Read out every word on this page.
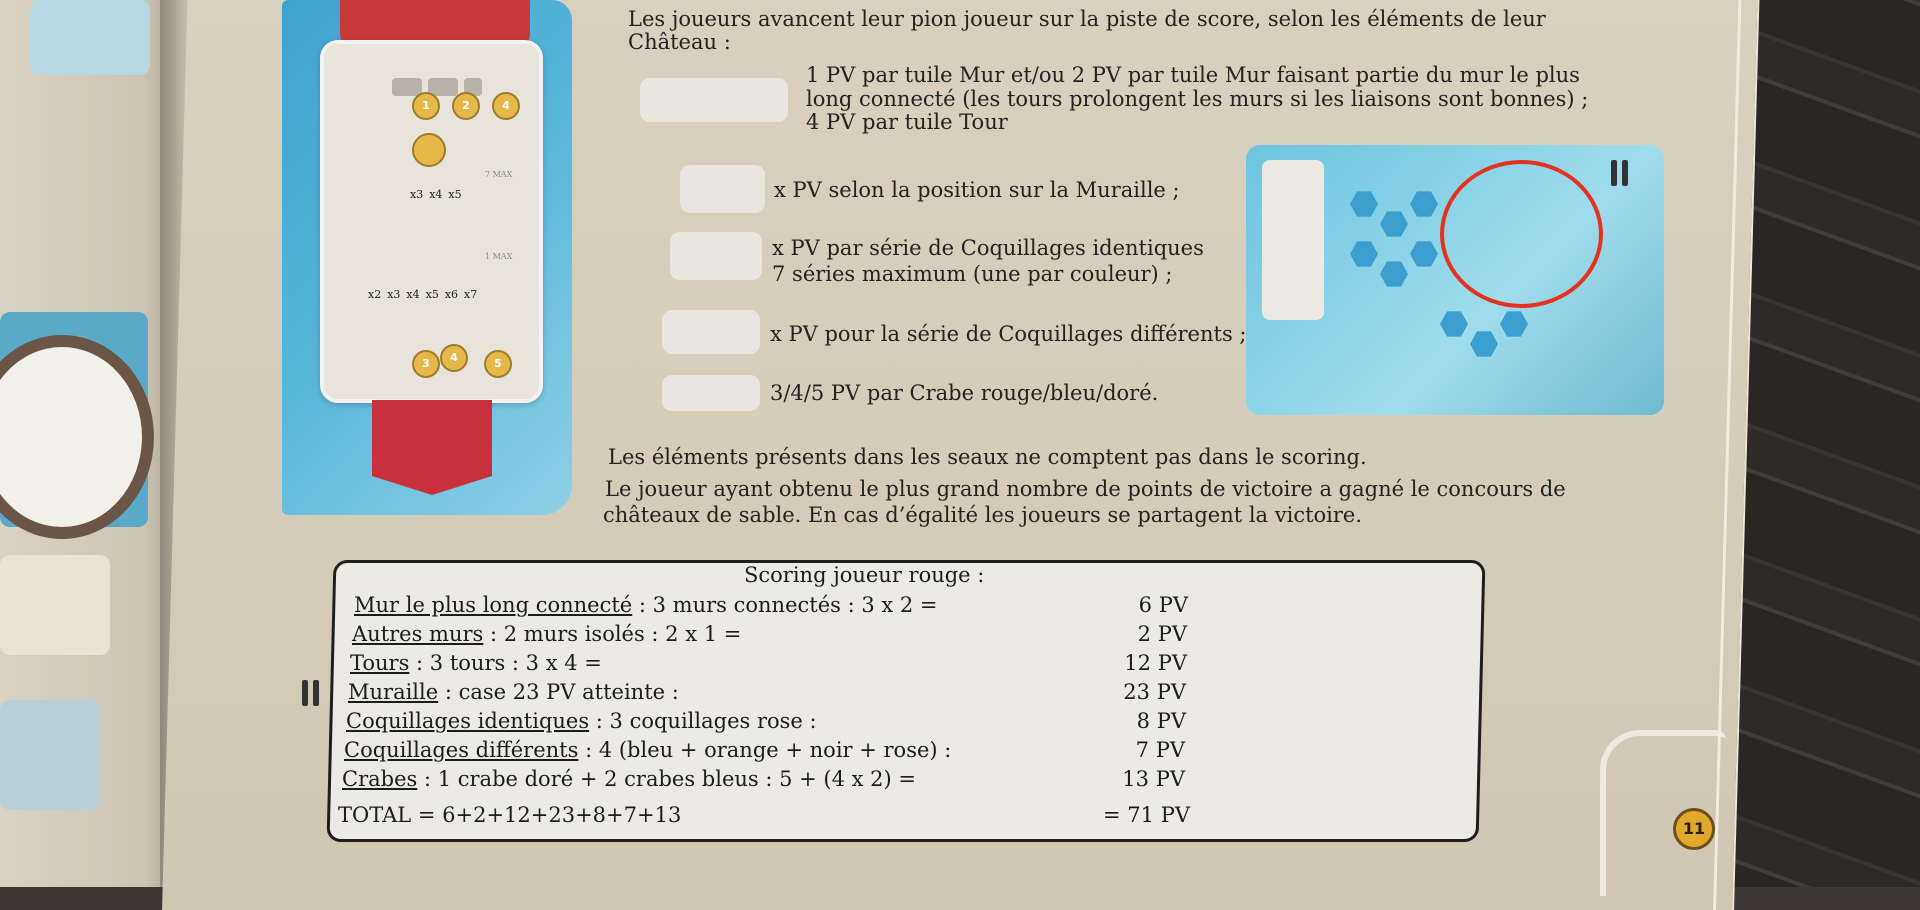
1	2	4
7 MAX
x3 x4 x5
1 MAX
x2 x3 x4 x5 x6 x7
3	4	5
Les joueurs avancent leur pion joueur sur la piste de score, selon les éléments de leur
Château :
1 PV par tuile Mur et/ou 2 PV par tuile Mur faisant partie du mur le plus
long connecté (les tours prolongent les murs si les liaisons sont bonnes) ;
4 PV par tuile Tour
x PV selon la position sur la Muraille ;
x PV par série de Coquillages identiques
7 séries maximum (une par couleur) ;
x PV pour la série de Coquillages différents ;
3/4/5 PV par Crabe rouge/bleu/doré.
Les éléments présents dans les seaux ne comptent pas dans le scoring.
Le joueur ayant obtenu le plus grand nombre de points de victoire a gagné le concours de
châteaux de sable. En cas d’égalité les joueurs se partagent la victoire.
Scoring joueur rouge :
Mur le plus long connecté : 3 murs connectés : 3 x 2 =	6 PV
Autres murs : 2 murs isolés : 2 x 1 =	2 PV
Tours : 3 tours : 3 x 4 =	12 PV
Muraille : case 23 PV atteinte :	23 PV
Coquillages identiques : 3 coquillages rose :	8 PV
Coquillages différents : 4 (bleu + orange + noir + rose) :	7 PV
Crabes : 1 crabe doré + 2 crabes bleus : 5 + (4 x 2) =	13 PV
TOTAL = 6+2+12+23+8+7+13	= 71 PV
11
